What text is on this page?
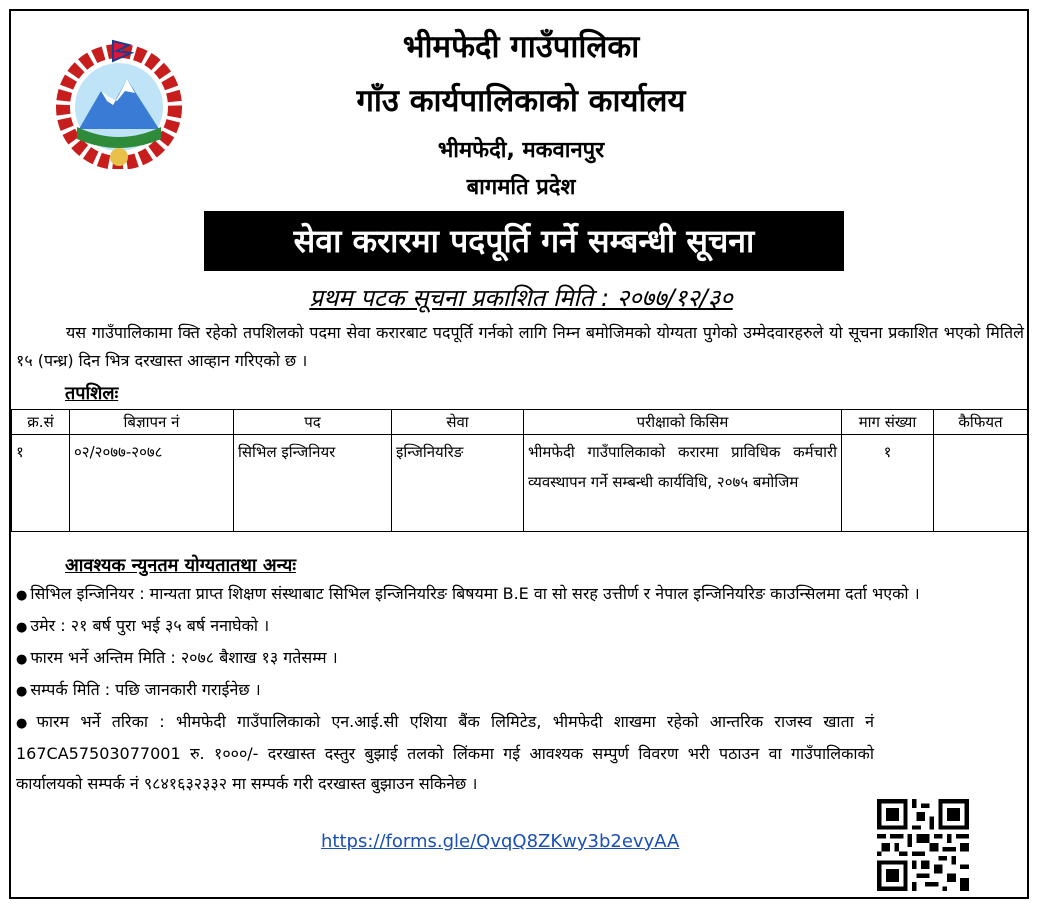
भीमफेदी गाउँपालिका
गाँउ कार्यपालिकाको कार्यालय
भीमफेदी, मकवानपुर
बागमति प्रदेश
सेवा करारमा पदपूर्ति गर्ने सम्बन्धी सूचना
प्रथम पटक सूचना प्रकाशित मिति : २०७७/१२/३०
यस गाउँपालिकामा क्ति रहेको तपशिलको पदमा सेवा करारबाट पदपूर्ति गर्नको लागि निम्न बमोजिमको योग्यता पुगेको उम्मेदवारहरुले यो सूचना प्रकाशित भएको मितिले १५ (पन्ध्र) दिन भित्र दरखास्त आव्हान गरिएको छ ।
तपशिलः
क्र.सं	बिज्ञापन नं	पद	सेवा	परीक्षाको किसिम	माग संख्या	कैफियत
१	०२/२०७७-२०७८	सिभिल इन्जिनियर	इन्जिनियरिङ	भीमफेदी गाउँपालिकाको करारमा प्राविधिक कर्मचारी व्यवस्थापन गर्ने सम्बन्धी कार्यविधि, २०७५ बमोजिम	१	
आवश्यक न्युनतम योग्यतातथा अन्यः
● सिभिल इन्जिनियर : मान्यता प्राप्त शिक्षण संस्थाबाट सिभिल इन्जिनियरिङ बिषयमा B.E वा सो सरह उत्तीर्ण र नेपाल इन्जिनियरिङ काउन्सिलमा दर्ता भएको ।
● उमेर : २१ बर्ष पुरा भई ३५ बर्ष ननाघेको ।
● फारम भर्ने अन्तिम मिति : २०७८ बैशाख १३ गतेसम्म ।
● सम्पर्क मिति : पछि जानकारी गराईनेछ ।
● फारम भर्ने तरिका : भीमफेदी गाउँपालिकाको एन.आई.सी एशिया बैंक लिमिटेड, भीमफेदी शाखमा रहेको आन्तरिक राजस्व खाता नं 167CA57503077001 रु. १०००/- दरखास्त दस्तुर बुझाई तलको लिंकमा गई आवश्यक सम्पुर्ण विवरण भरी पठाउन वा गाउँपालिकाको कार्यालयको सम्पर्क नं ९८४१६३२३३२ मा सम्पर्क गरी दरखास्त बुझाउन सकिनेछ ।
https://forms.gle/QvqQ8ZKwy3b2evyAA
